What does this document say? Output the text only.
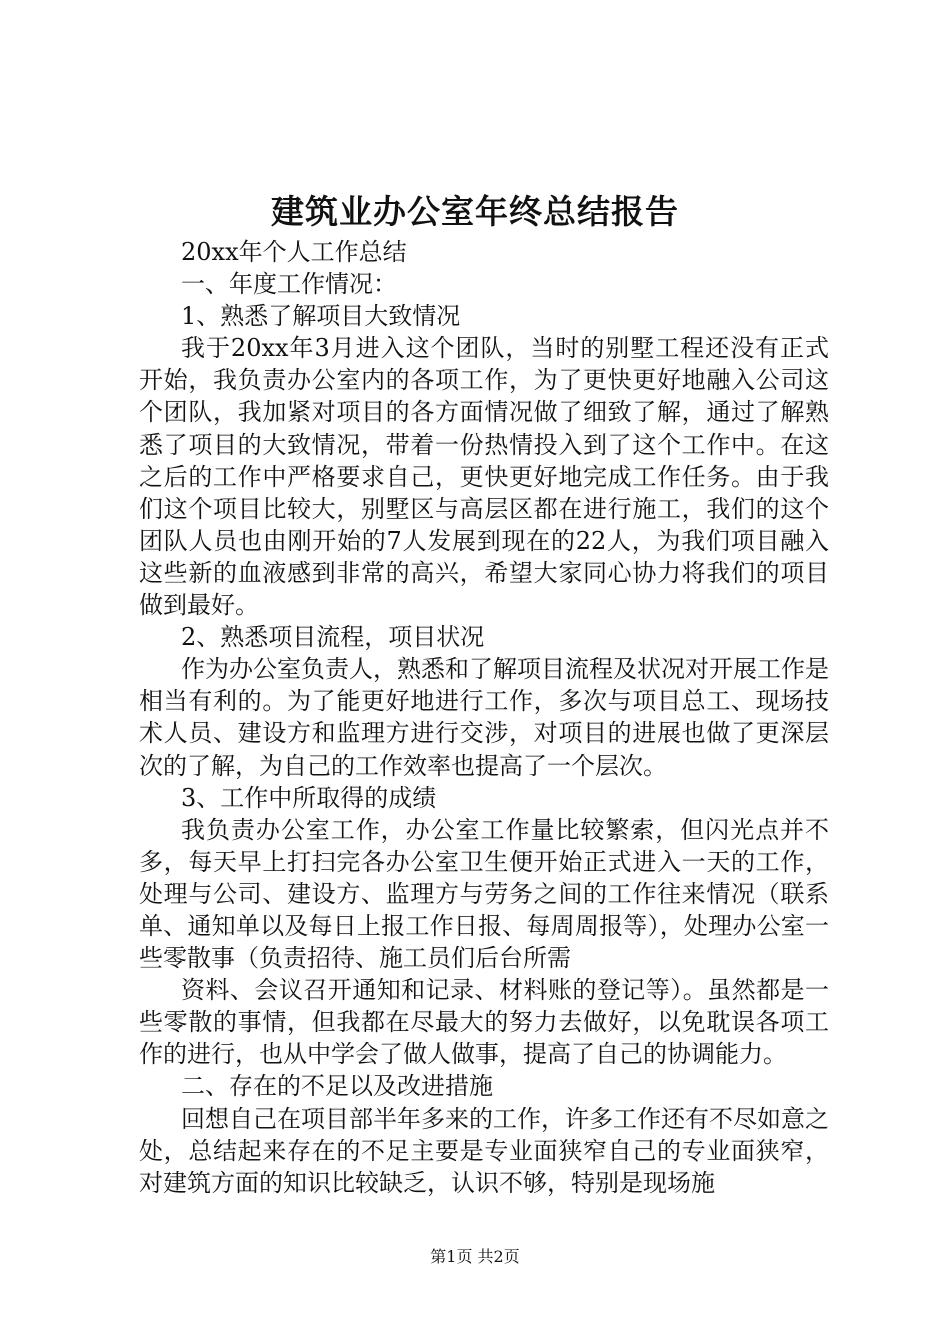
建筑业办公室年终总结报告

20xx年个人工作总结

一、年度工作情况：

1、熟悉了解项目大致情况

我于20xx年3月进入这个团队，当时的别墅工程还没有正式开始，我负责办公室内的各项工作，为了更快更好地融入公司这个团队，我加紧对项目的各方面情况做了细致了解，通过了解熟悉了项目的大致情况，带着一份热情投入到了这个工作中。在这之后的工作中严格要求自己，更快更好地完成工作任务。由于我们这个项目比较大，别墅区与高层区都在进行施工，我们的这个团队人员也由刚开始的7人发展到现在的22人，为我们项目融入这些新的血液感到非常的高兴，希望大家同心协力将我们的项目做到最好。

2、熟悉项目流程，项目状况

作为办公室负责人，熟悉和了解项目流程及状况对开展工作是相当有利的。为了能更好地进行工作，多次与项目总工、现场技术人员、建设方和监理方进行交涉，对项目的进展也做了更深层次的了解，为自己的工作效率也提高了一个层次。

3、工作中所取得的成绩

我负责办公室工作，办公室工作量比较繁索，但闪光点并不多，每天早上打扫完各办公室卫生便开始正式进入一天的工作，处理与公司、建设方、监理方与劳务之间的工作往来情况（联系单、通知单以及每日上报工作日报、每周周报等），处理办公室一些零散事（负责招待、施工员们后台所需

资料、会议召开通知和记录、材料账的登记等）。虽然都是一些零散的事情，但我都在尽最大的努力去做好，以免耽误各项工作的进行，也从中学会了做人做事，提高了自己的协调能力。

二、存在的不足以及改进措施

回想自己在项目部半年多来的工作，许多工作还有不尽如意之处，总结起来存在的不足主要是专业面狭窄自己的专业面狭窄，对建筑方面的知识比较缺乏，认识不够，特别是现场施

第1页 共2页
